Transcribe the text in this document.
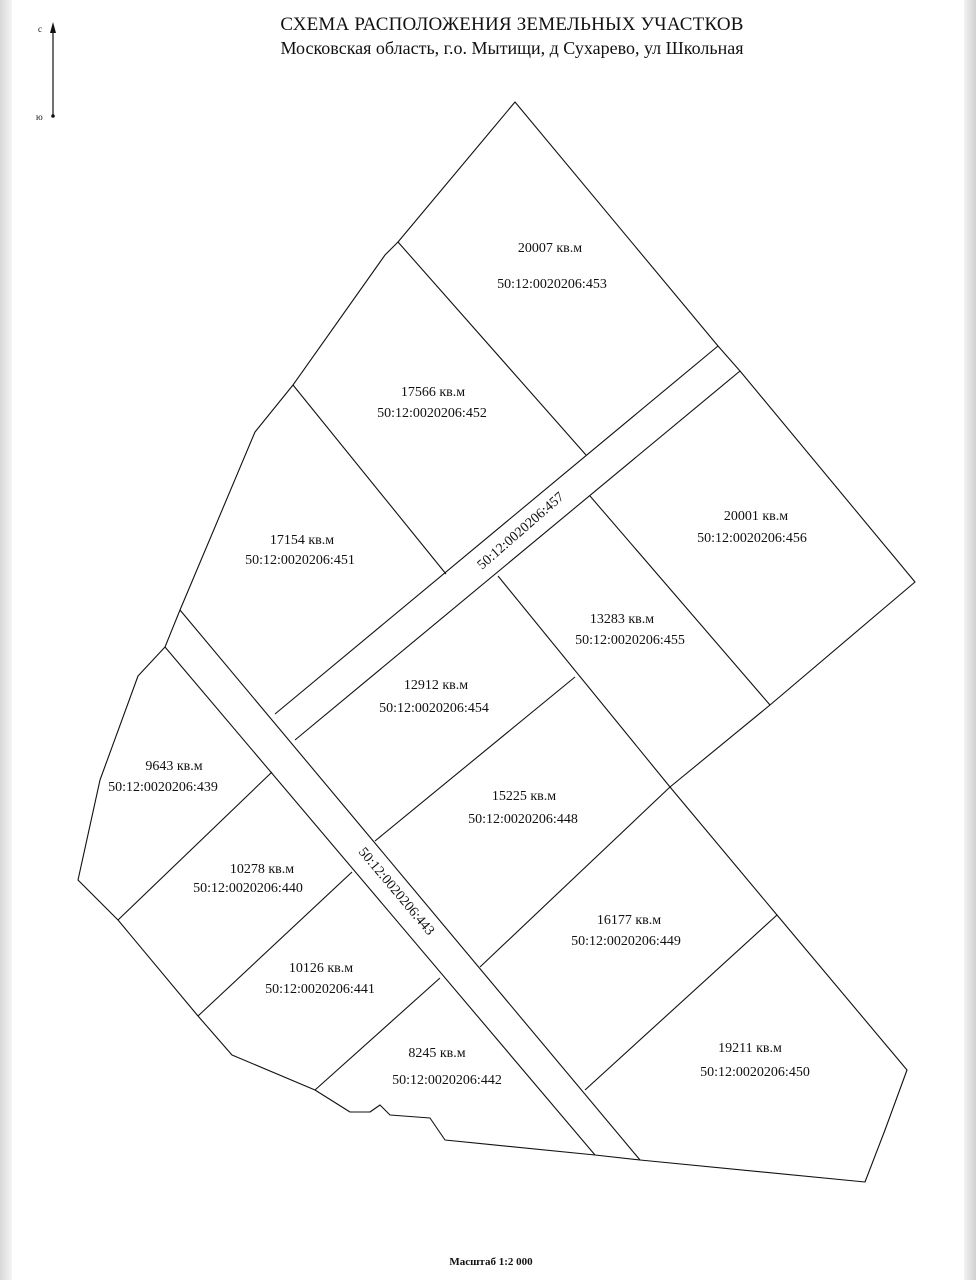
СХЕМА РАСПОЛОЖЕНИЯ ЗЕМЕЛЬНЫХ УЧАСТКОВ
Московская область, г.о. Мытищи, д Сухарево, ул Школьная
с
ю
50:12:0020206:457
50:12:0020206:443
20007 кв.м
50:12:0020206:453
17566 кв.м
50:12:0020206:452
17154 кв.м
50:12:0020206:451
20001 кв.м
50:12:0020206:456
13283 кв.м
50:12:0020206:455
12912 кв.м
50:12:0020206:454
15225 кв.м
50:12:0020206:448
9643 кв.м
50:12:0020206:439
10278 кв.м
50:12:0020206:440
10126 кв.м
50:12:0020206:441
8245 кв.м
50:12:0020206:442
16177 кв.м
50:12:0020206:449
19211 кв.м
50:12:0020206:450
Масштаб 1:2 000
